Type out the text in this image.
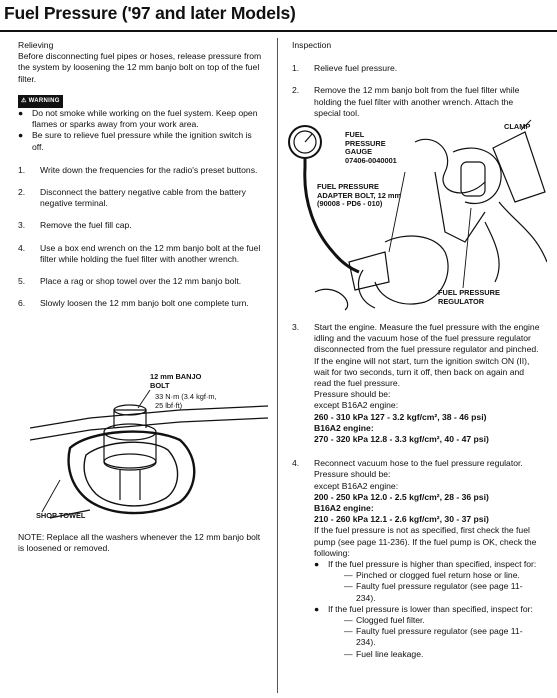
Fuel Pressure ('97 and later Models)

Relieving

Before disconnecting fuel pipes or hoses, release pressure from the system by loosening the 12 mm banjo bolt on top of the fuel filter.

⚠ WARNING
●	Do not smoke while working on the fuel system. Keep open flames or sparks away from your work area.
●	Be sure to relieve fuel pressure while the ignition switch is off.
1.	Write down the frequencies for the radio's preset buttons.
2.	Disconnect the battery negative cable from the battery negative terminal.
3.	Remove the fuel fill cap.
4.	Use a box end wrench on the 12 mm banjo bolt at the fuel filter while holding the fuel filter with another wrench.
5.	Place a rag or shop towel over the 12 mm banjo bolt.
6.	Slowly loosen the 12 mm banjo bolt one complete turn.
12 mm BANJO
BOLT
33 N·m (3.4 kgf·m,
25 lbf·ft)
SHOP TOWEL

NOTE: Replace all the washers whenever the 12 mm banjo bolt is loosened or removed.

Inspection

1.	Relieve fuel pressure.
2.	Remove the 12 mm banjo bolt from the fuel filter while holding the fuel filter with another wrench. Attach the special tool.
FUEL
PRESSURE
GAUGE
07406-0040001
FUEL PRESSURE
ADAPTER BOLT, 12 mm
(90008 - PD6 - 010)
CLAMP
FUEL PRESSURE
REGULATOR
3.	Start the engine. Measure the fuel pressure with the engine idling and the vacuum hose of the fuel pressure regulator disconnected from the fuel pressure regulator and pinched. If the engine will not start, turn the ignition switch ON (II), wait for two seconds, turn it off, then back on again and read the fuel pressure.

Pressure should be:

except B16A2 engine:

260 - 310 kPa 127 - 3.2 kgf/cm², 38 - 46 psi)

B16A2 engine:

270 - 320 kPa 12.8 - 3.3 kgf/cm², 40 - 47 psi)

4.	Reconnect vacuum hose to the fuel pressure regulator.

Pressure should be:

except B16A2 engine:

200 - 250 kPa 12.0 - 2.5 kgf/cm², 28 - 36 psi)

B16A2 engine:

210 - 260 kPa 12.1 - 2.6 kgf/cm², 30 - 37 psi)

If the fuel pressure is not as specified, first check the fuel pump (see page 11-236). If the fuel pump is OK, check the following:

●	If the fuel pressure is higher than specified, inspect for:
— Pinched or clogged fuel return hose or line.
— Faulty fuel pressure regulator (see page 11-234).
●	If the fuel pressure is lower than specified, inspect for:
— Clogged fuel filter.
— Faulty fuel pressure regulator (see page 11-234).
— Fuel line leakage.
